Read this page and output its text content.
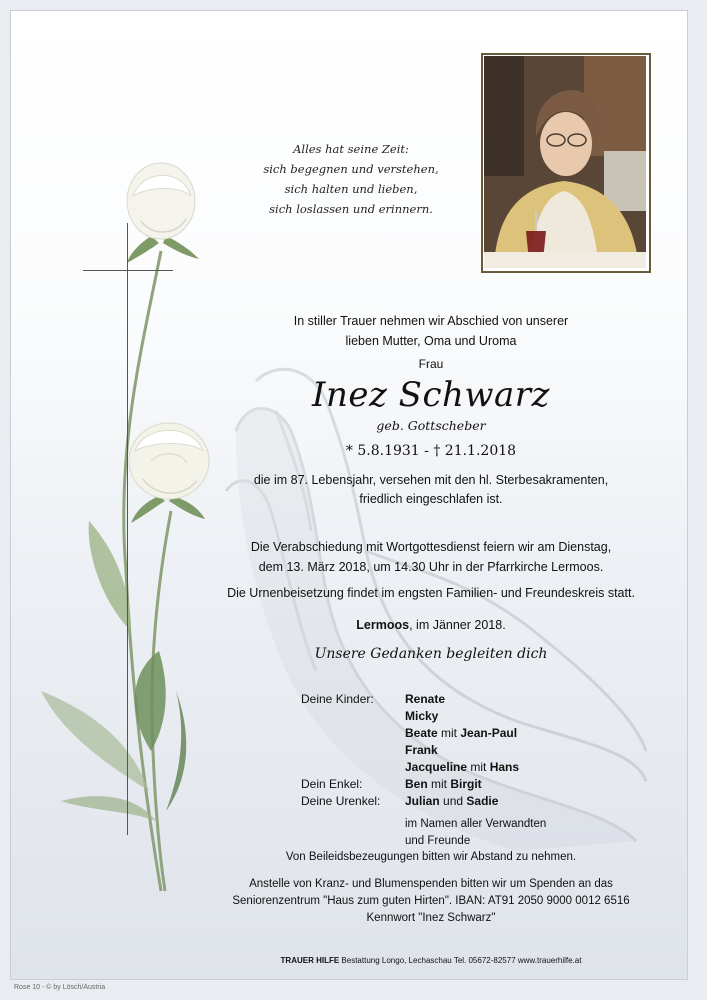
Alles hat seine Zeit:
sich begegnen und verstehen,
sich halten und lieben,
sich loslassen und erinnern.
In stiller Trauer nehmen wir Abschied von unserer
lieben Mutter, Oma und Uroma
Frau
Inez Schwarz
geb. Gottscheber
* 5.8.1931 - † 21.1.2018
die im 87. Lebensjahr, versehen mit den hl. Sterbesakramenten,
friedlich eingeschlafen ist.
Die Verabschiedung mit Wortgottesdienst feiern wir am Dienstag,
dem 13. März 2018, um 14.30 Uhr in der Pfarrkirche Lermoos.
Die Urnenbeisetzung findet im engsten Familien- und Freundeskreis statt.
Lermoos, im Jänner 2018.
Unsere Gedanken begleiten dich
Deine Kinder:	Renate
Micky
Beate mit Jean-Paul
Frank
Jacqueline mit Hans
Dein Enkel:	Ben mit Birgit
Deine Urenkel: Julian und Sadie
im Namen aller Verwandten
und Freunde
Von Beileidsbezeugungen bitten wir Abstand zu nehmen.
Anstelle von Kranz- und Blumenspenden bitten wir um Spenden an das
Seniorenzentrum "Haus zum guten Hirten". IBAN: AT91 2050 9000 0012 6516
Kennwort "Inez Schwarz"
TRAUER HILFE Bestattung Longo, Lechaschau Tel. 05672-82577 www.trauerhilfe.at
Rose 10 - © by Lösch/Austria
